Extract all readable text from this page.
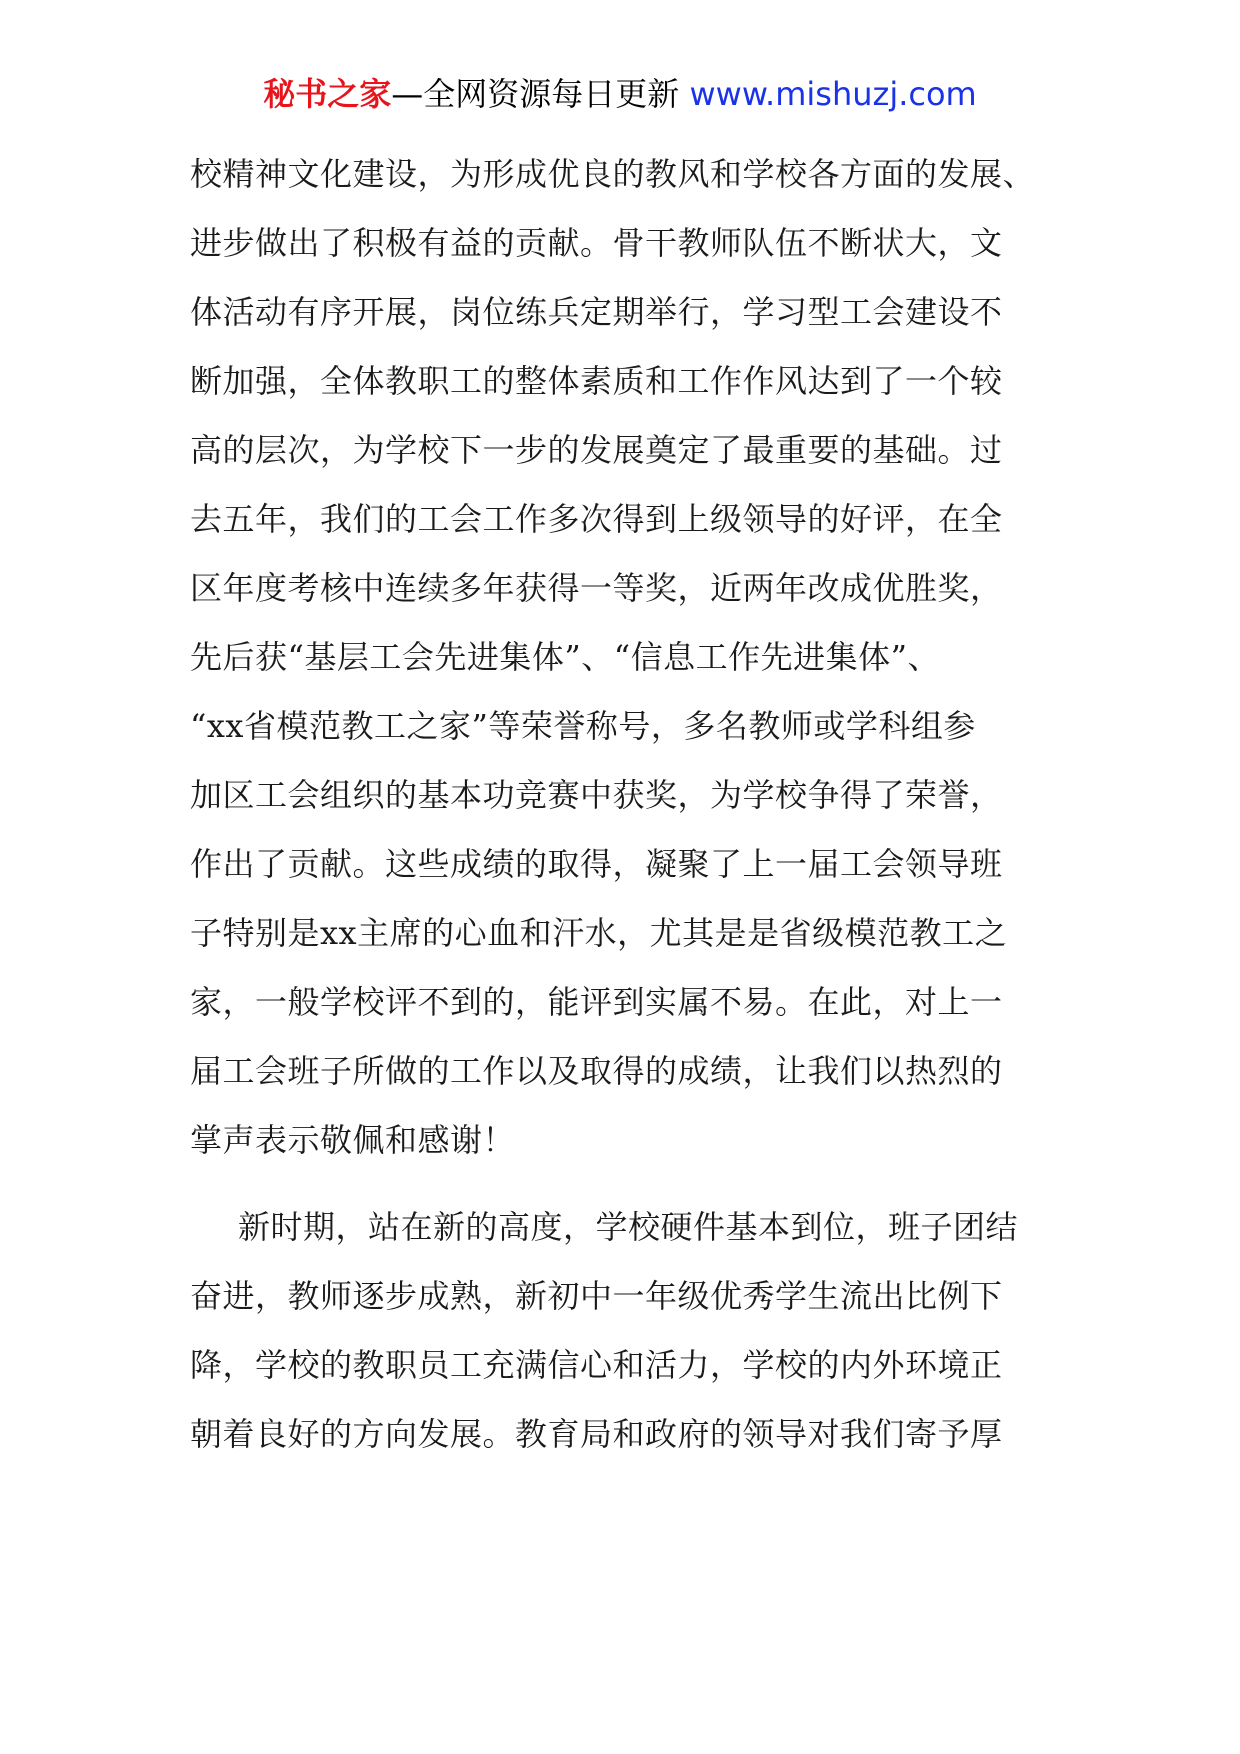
秘书之家—全网资源每日更新 www.mishuzj.com
校精神文化建设，为形成优良的教风和学校各方面的发展、
进步做出了积极有益的贡献。骨干教师队伍不断状大，文
体活动有序开展，岗位练兵定期举行，学习型工会建设不
断加强，全体教职工的整体素质和工作作风达到了一个较
高的层次，为学校下一步的发展奠定了最重要的基础。过
去五年，我们的工会工作多次得到上级领导的好评，在全
区年度考核中连续多年获得一等奖，近两年改成优胜奖，
先后获“基层工会先进集体”、“信息工作先进集体”、
“xx省模范教工之家”等荣誉称号，多名教师或学科组参
加区工会组织的基本功竞赛中获奖，为学校争得了荣誉，
作出了贡献。这些成绩的取得，凝聚了上一届工会领导班
子特别是xx主席的心血和汗水，尤其是是省级模范教工之
家，一般学校评不到的，能评到实属不易。在此，对上一
届工会班子所做的工作以及取得的成绩，让我们以热烈的
掌声表示敬佩和感谢！
新时期，站在新的高度，学校硬件基本到位，班子团结
奋进，教师逐步成熟，新初中一年级优秀学生流出比例下
降，学校的教职员工充满信心和活力，学校的内外环境正
朝着良好的方向发展。教育局和政府的领导对我们寄予厚
